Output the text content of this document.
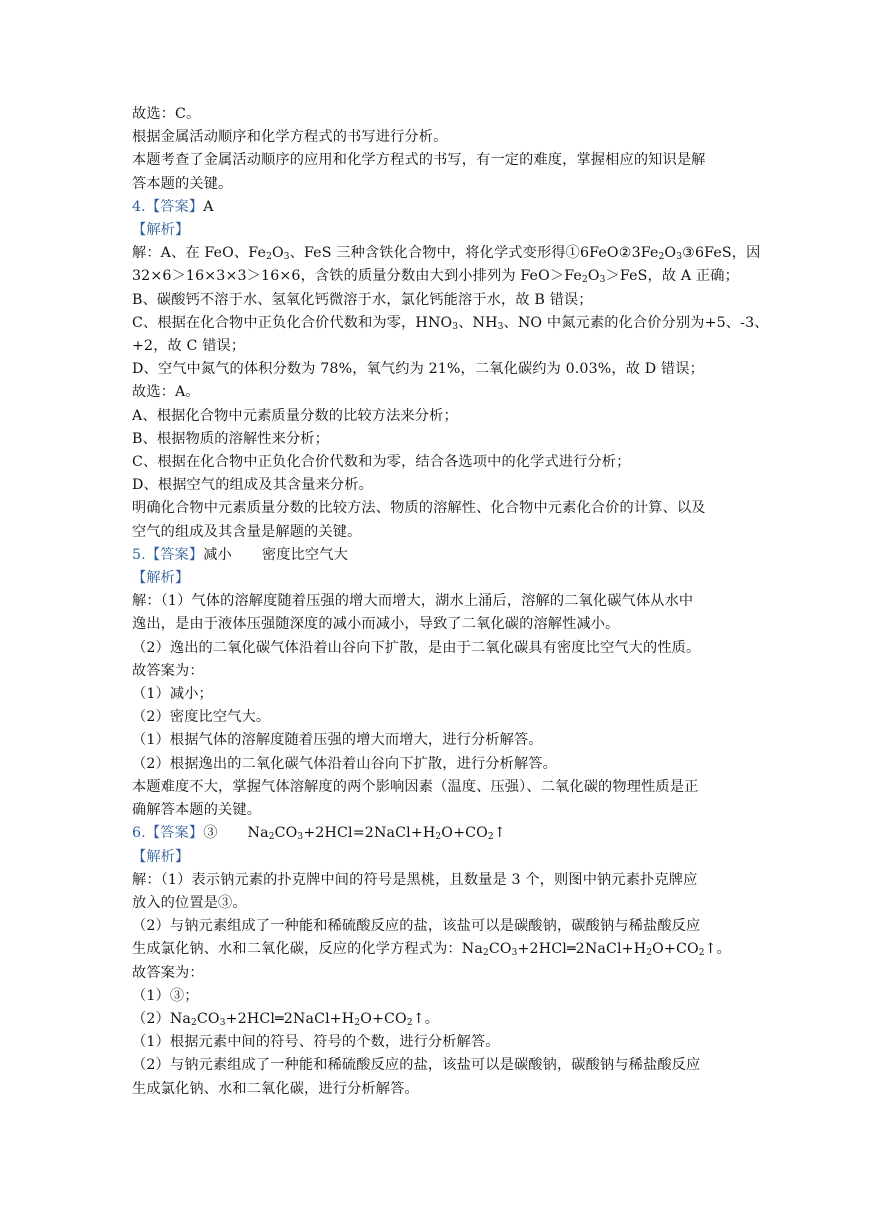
故选：C。
根据金属活动顺序和化学方程式的书写进行分析。
本题考查了金属活动顺序的应用和化学方程式的书写，有一定的难度，掌握相应的知识是解
答本题的关键。
4.【答案】A
【解析】
解：A、在 FeO、$Fe_2O_3$、FeS 三种含铁化合物中，将化学式变形得$①6FeO②3Fe_2O_3③6FeS$，因
32×6＞16×3×3＞16×6，含铁的质量分数由大到小排列为 $FeO>Fe_2O_3>FeS$，故 A 正确；
B、碳酸钙不溶于水、氢氧化钙微溶于水，氯化钙能溶于水，故 B 错误；
C、根据在化合物中正负化合价代数和为零，$HNO_3$、$NH_3$、NO 中氮元素的化合价分别为+5、-3、
+2，故 C 错误；
D、空气中氮气的体积分数为 78%，氧气约为 21%，二氧化碳约为 0.03%，故 D 错误；
故选：A。
A、根据化合物中元素质量分数的比较方法来分析；
B、根据物质的溶解性来分析；
C、根据在化合物中正负化合价代数和为零，结合各选项中的化学式进行分析；
D、根据空气的组成及其含量来分析。
明确化合物中元素质量分数的比较方法、物质的溶解性、化合物中元素化合价的计算、以及
空气的组成及其含量是解题的关键。
5.【答案】减小 密度比空气大
【解析】
解：（1）气体的溶解度随着压强的增大而增大，湖水上涌后，溶解的二氧化碳气体从水中
逸出，是由于液体压强随深度的减小而减小，导致了二氧化碳的溶解性减小。
（2）逸出的二氧化碳气体沿着山谷向下扩散，是由于二氧化碳具有密度比空气大的性质。
故答案为：
（1）减小；
（2）密度比空气大。
（1）根据气体的溶解度随着压强的增大而增大，进行分析解答。
（2）根据逸出的二氧化碳气体沿着山谷向下扩散，进行分析解答。
本题难度不大，掌握气体溶解度的两个影响因素（温度、压强）、二氧化碳的物理性质是正
确解答本题的关键。
6.【答案】③ $Na_2CO_3+2HCl=2NaCl+H_2O+CO_2↑$
【解析】
解：（1）表示钠元素的扑克牌中间的符号是黑桃，且数量是 3 个，则图中钠元素扑克牌应
放入的位置是③。
（2）与钠元素组成了一种能和稀硫酸反应的盐，该盐可以是碳酸钠，碳酸钠与稀盐酸反应
生成氯化钠、水和二氧化碳，反应的化学方程式为：$Na_2CO_3+2HCl═2NaCl+H_2O+CO_2↑$。
故答案为：
（1）③；
$(2)Na_2CO_3+2HCl═2NaCl+H_2O+CO_2↑$。
（1）根据元素中间的符号、符号的个数，进行分析解答。
（2）与钠元素组成了一种能和稀硫酸反应的盐，该盐可以是碳酸钠，碳酸钠与稀盐酸反应
生成氯化钠、水和二氧化碳，进行分析解答。
